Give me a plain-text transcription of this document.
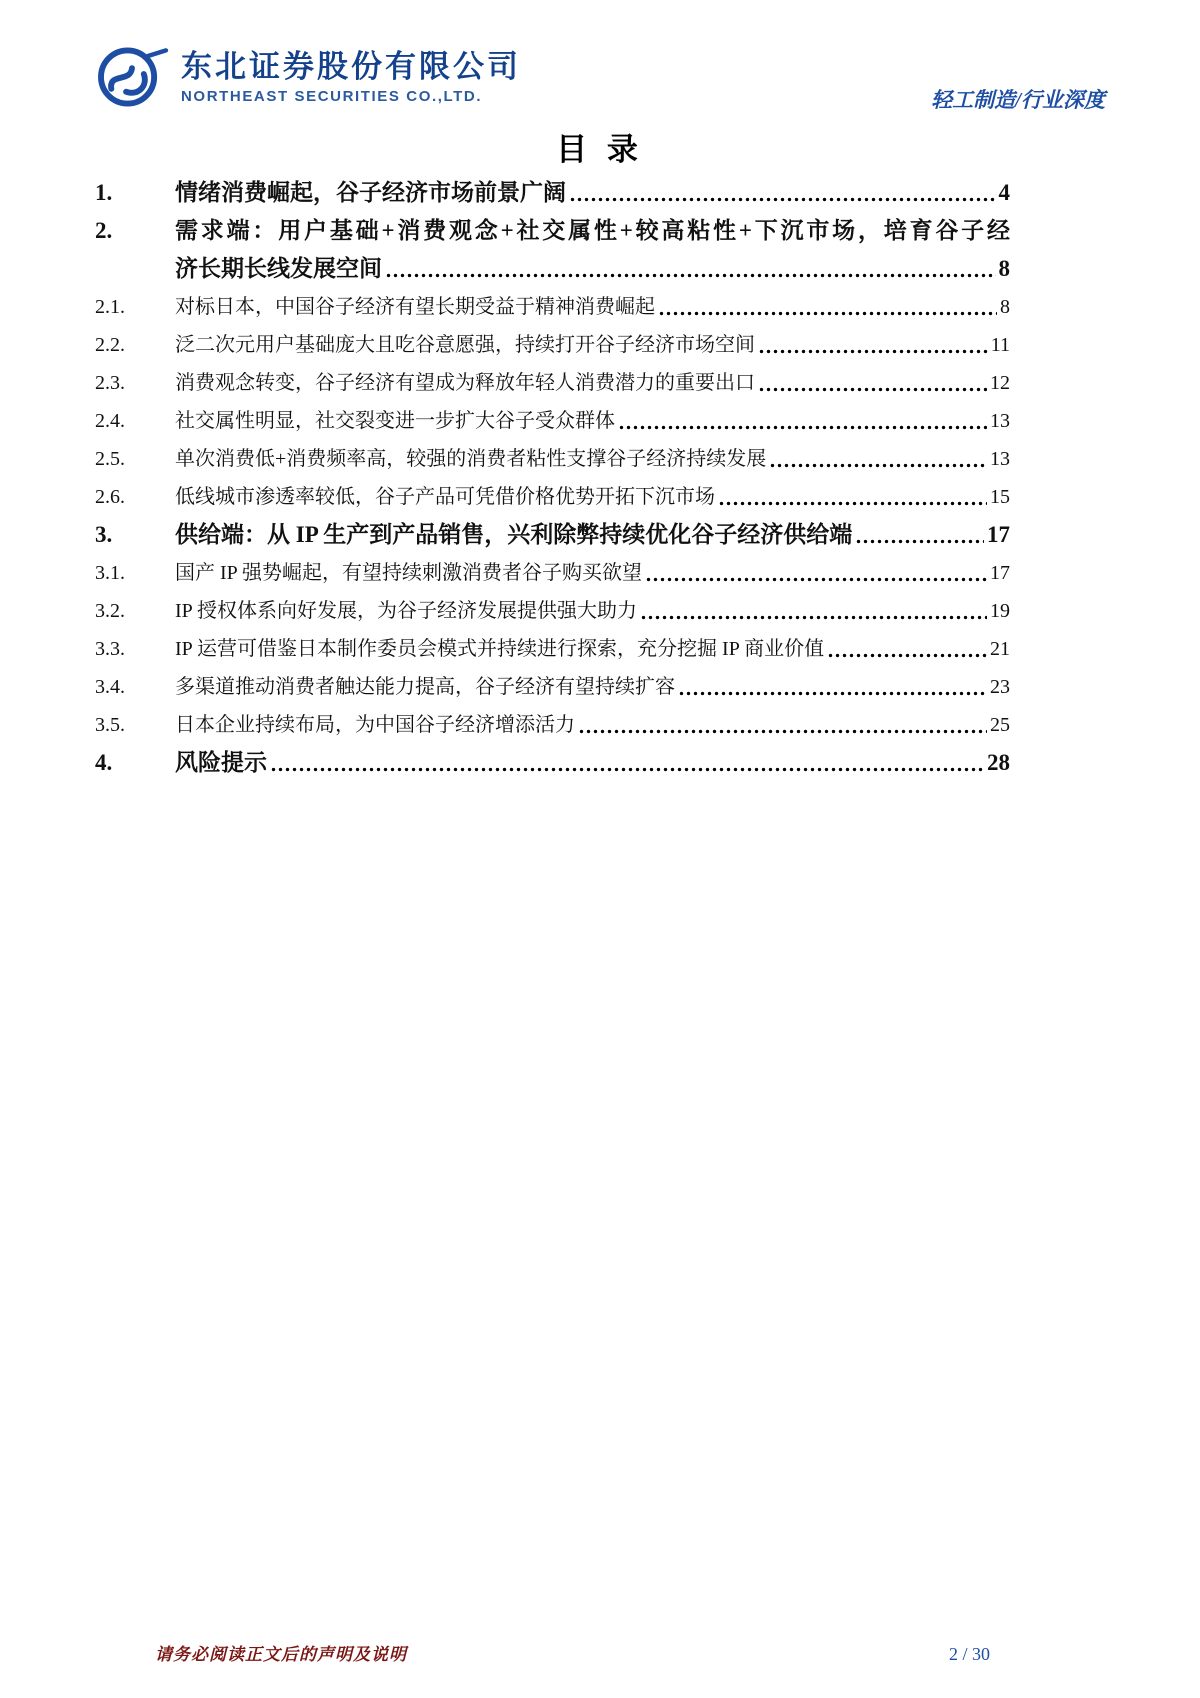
东北证券股份有限公司
NORTHEAST SECURITIES CO.,LTD.	轻工制造/行业深度
目 录
1.	情绪消费崛起，谷子经济市场前景广阔	4
2.	需求端：用户基础+消费观念+社交属性+较高粘性+下沉市场，培育谷子经
济长期长线发展空间	8
2.1.	对标日本，中国谷子经济有望长期受益于精神消费崛起	8
2.2.	泛二次元用户基础庞大且吃谷意愿强，持续打开谷子经济市场空间	11
2.3.	消费观念转变，谷子经济有望成为释放年轻人消费潜力的重要出口	12
2.4.	社交属性明显，社交裂变进一步扩大谷子受众群体	13
2.5.	单次消费低+消费频率高，较强的消费者粘性支撑谷子经济持续发展	13
2.6.	低线城市渗透率较低，谷子产品可凭借价格优势开拓下沉市场	15
3.	供给端：从 IP 生产到产品销售，兴利除弊持续优化谷子经济供给端	17
3.1.	国产 IP 强势崛起，有望持续刺激消费者谷子购买欲望	17
3.2.	IP 授权体系向好发展，为谷子经济发展提供强大助力	19
3.3.	IP 运营可借鉴日本制作委员会模式并持续进行探索，充分挖掘 IP 商业价值	21
3.4.	多渠道推动消费者触达能力提高，谷子经济有望持续扩容	23
3.5.	日本企业持续布局，为中国谷子经济增添活力	25
4.	风险提示	28
请务必阅读正文后的声明及说明	2 / 30
